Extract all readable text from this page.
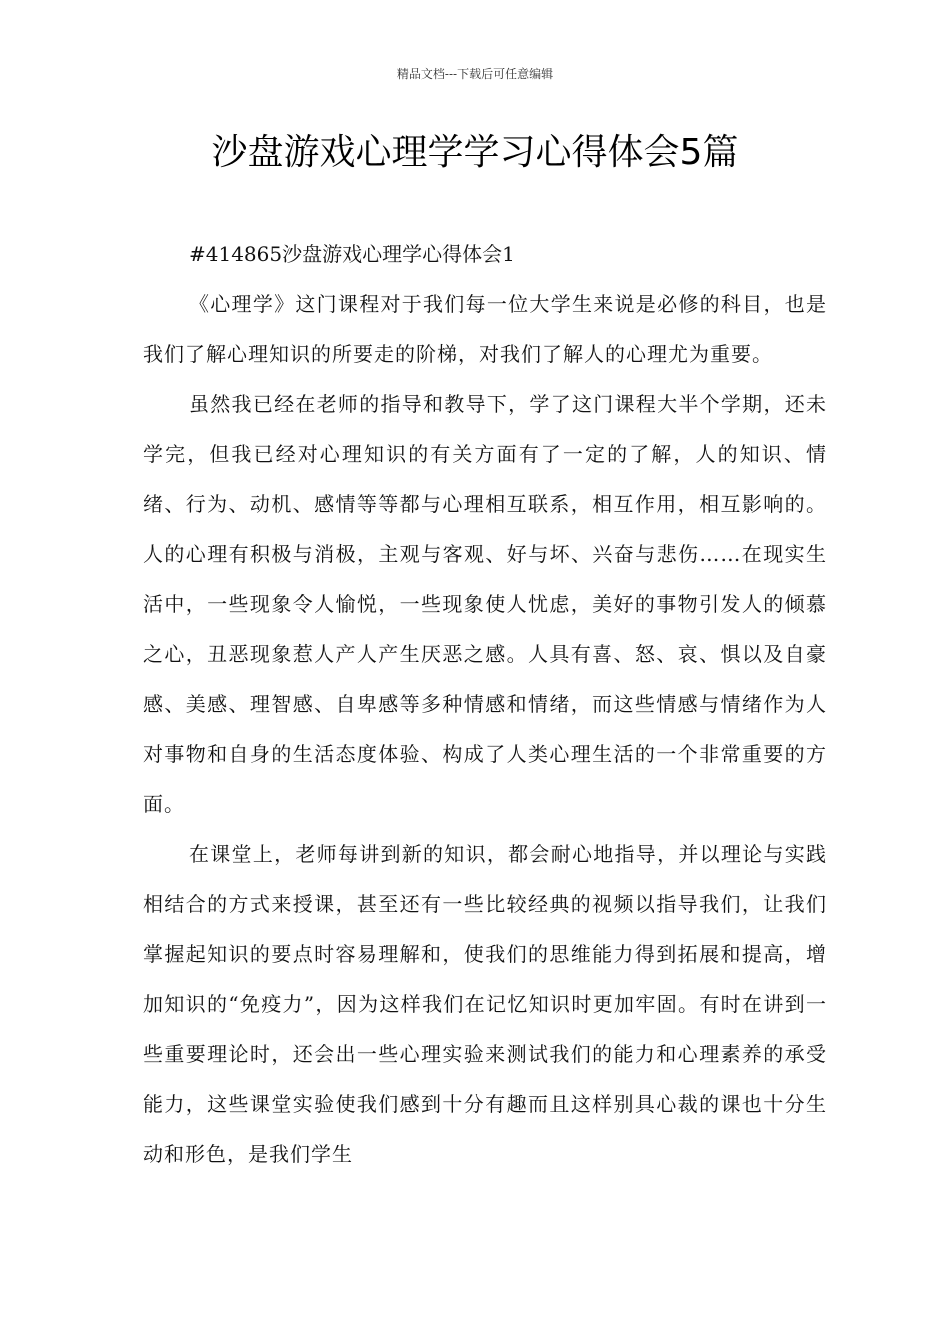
精品文档---下载后可任意编辑
沙盘游戏心理学学习心得体会5篇

#414865沙盘游戏心理学心得体会1

《心理学》这门课程对于我们每一位大学生来说是必修的科目，也是我们了解心理知识的所要走的阶梯，对我们了解人的心理尤为重要。

虽然我已经在老师的指导和教导下，学了这门课程大半个学期，还未学完，但我已经对心理知识的有关方面有了一定的了解，人的知识、情绪、行为、动机、感情等等都与心理相互联系，相互作用，相互影响的。人的心理有积极与消极，主观与客观、好与坏、兴奋与悲伤……在现实生活中，一些现象令人愉悦，一些现象使人忧虑，美好的事物引发人的倾慕之心，丑恶现象惹人产人产生厌恶之感。人具有喜、怒、哀、惧以及自豪感、美感、理智感、自卑感等多种情感和情绪，而这些情感与情绪作为人对事物和自身的生活态度体验、构成了人类心理生活的一个非常重要的方面。

在课堂上，老师每讲到新的知识，都会耐心地指导，并以理论与实践相结合的方式来授课，甚至还有一些比较经典的视频以指导我们，让我们掌握起知识的要点时容易理解和，使我们的思维能力得到拓展和提高，增加知识的“免疫力”，因为这样我们在记忆知识时更加牢固。有时在讲到一些重要理论时，还会出一些心理实验来测试我们的能力和心理素养的承受能力，这些课堂实验使我们感到十分有趣而且这样别具心裁的课也十分生动和形色，是我们学生
